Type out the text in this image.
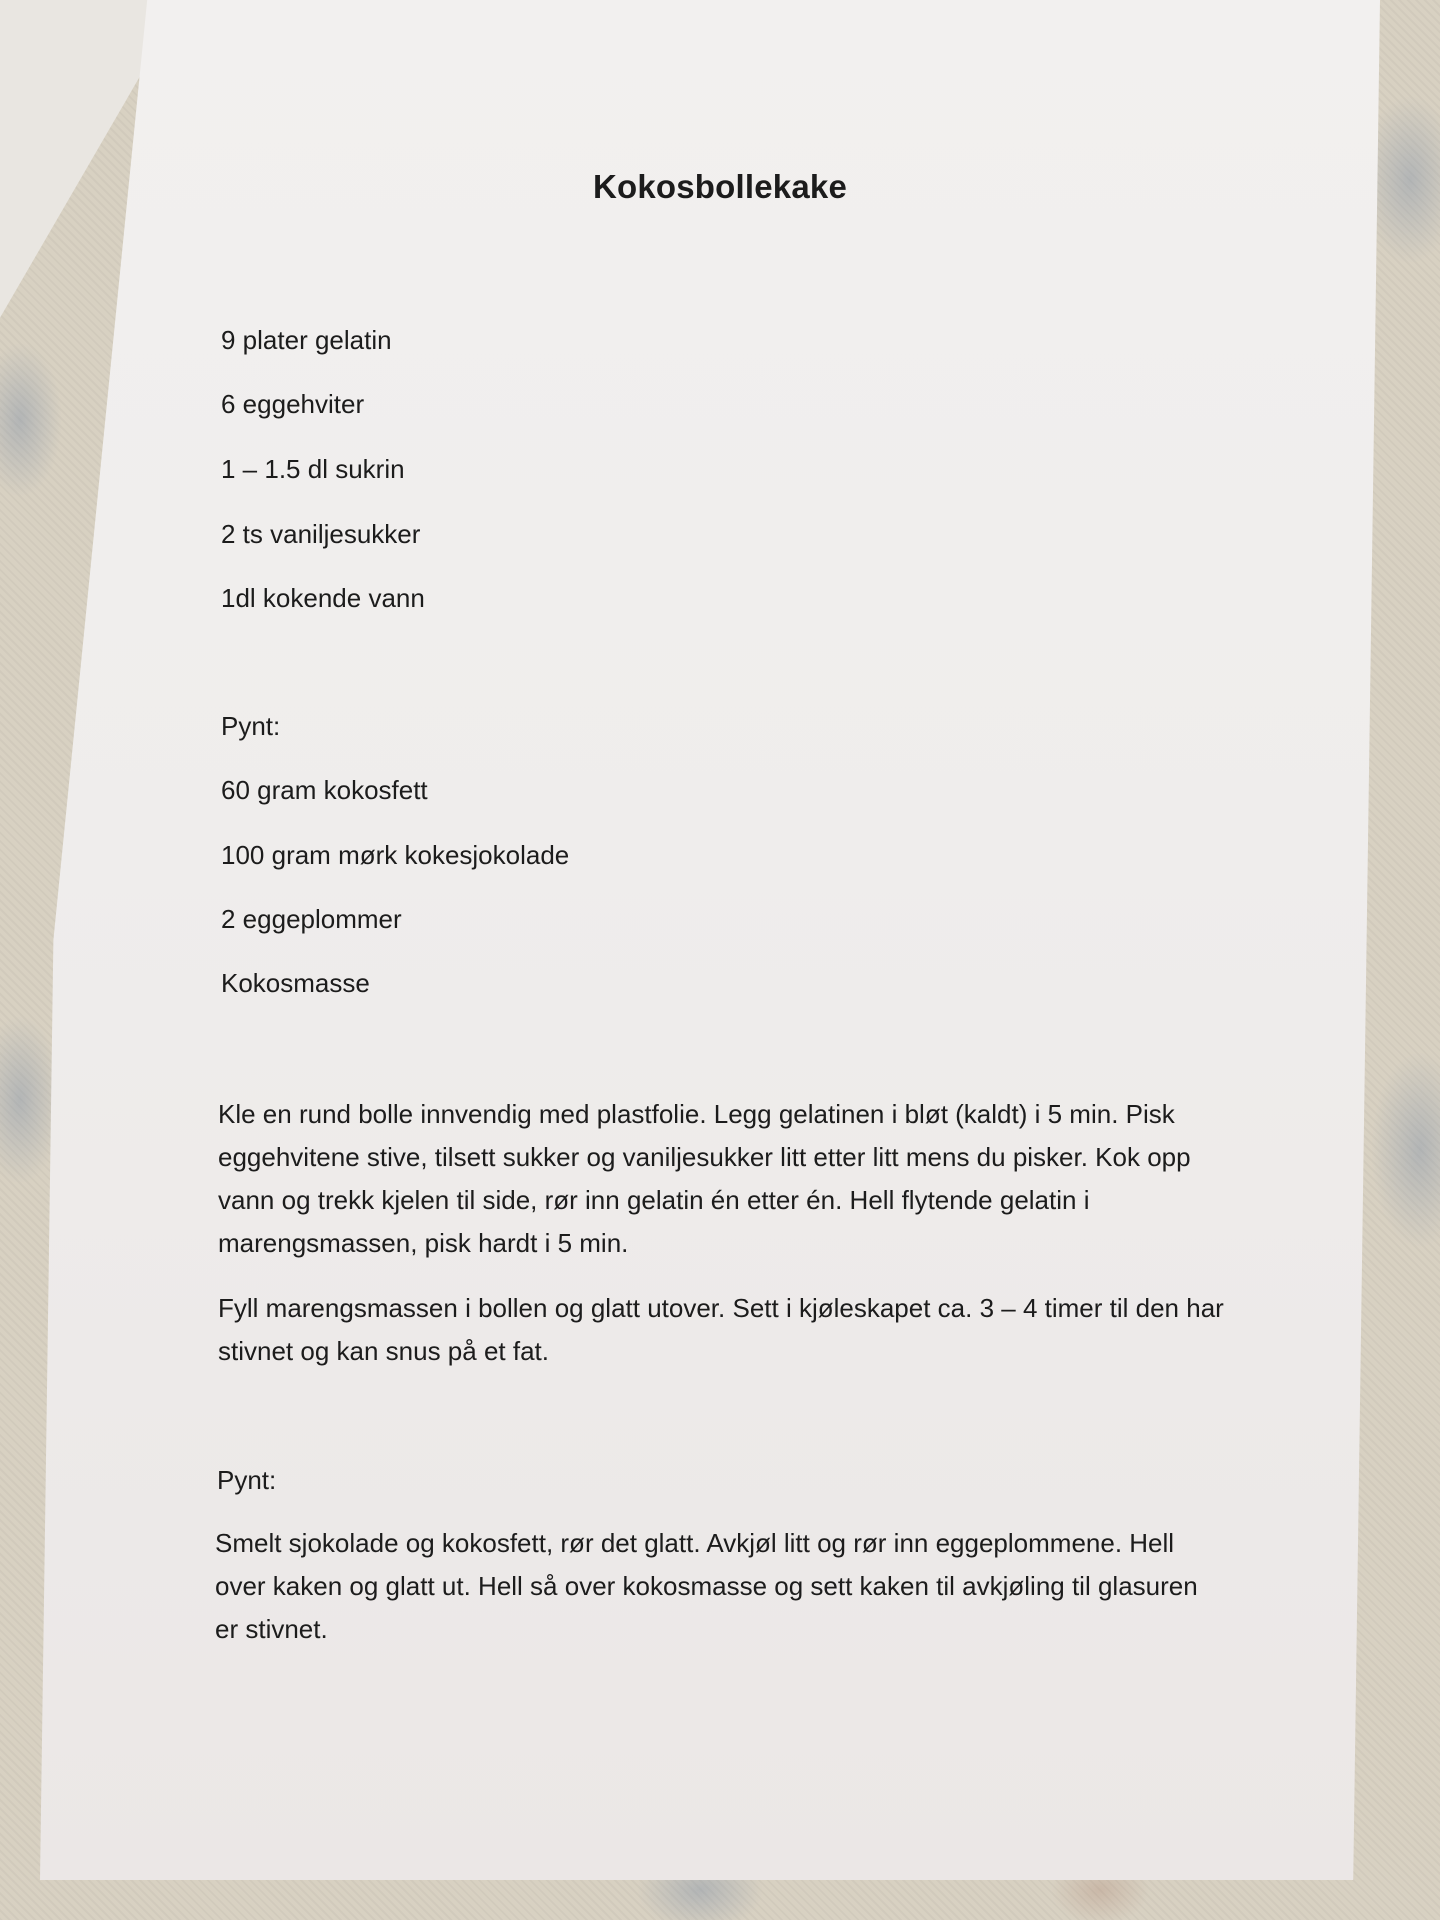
Kokosbollekake
9 plater gelatin
6 eggehviter
1 – 1.5 dl sukrin
2 ts vaniljesukker
1dl kokende vann
Pynt:
60 gram kokosfett
100 gram mørk kokesjokolade
2 eggeplommer
Kokosmasse
Kle en rund bolle innvendig med plastfolie. Legg gelatinen i bløt (kaldt) i 5 min. Pisk eggehvitene stive, tilsett sukker og vaniljesukker litt etter litt mens du pisker. Kok opp vann og trekk kjelen til side, rør inn gelatin én etter én. Hell flytende gelatin i marengsmassen, pisk hardt i 5 min.
Fyll marengsmassen i bollen og glatt utover. Sett i kjøleskapet ca. 3 – 4 timer til den har stivnet og kan snus på et fat.
Pynt:
Smelt sjokolade og kokosfett, rør det glatt. Avkjøl litt og rør inn eggeplommene. Hell over kaken og glatt ut. Hell så over kokosmasse og sett kaken til avkjøling til glasuren er stivnet.
